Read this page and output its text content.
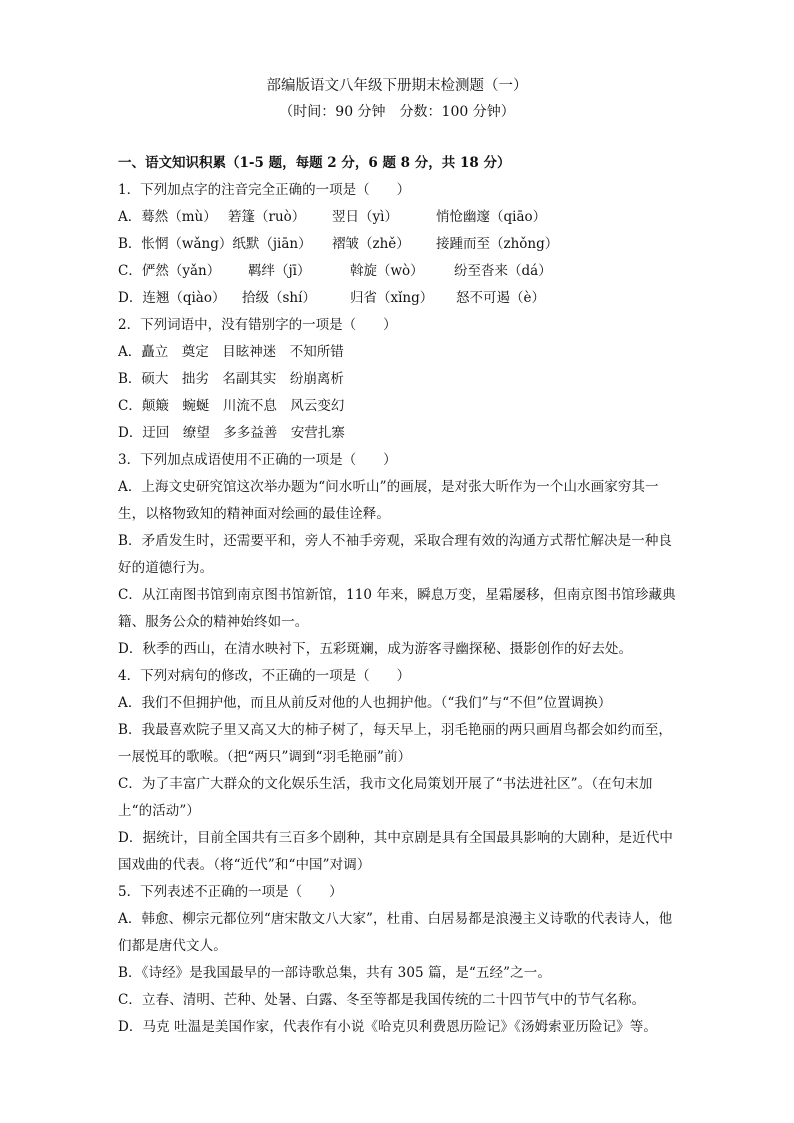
部编版语文八年级下册期末检测题（一）
（时间：90 分钟　分数：100 分钟）
一、语文知识积累（1-5 题，每题 2 分，6 题 8 分，共 18 分）
1．下列加点字的注音完全正确的一项是（　　）
A．蓦然（mù） 箬篷（ruò） 翌日（yì）	悄怆幽邃（qiāo）
B．怅惘（wǎng）纸默（jiān） 褶皱（zhě） 接踵而至（zhǒng）
C．俨然（yǎn） 羁绊（jī）	斡旋（wò） 纷至沓来（dá）
D．连翘（qiào） 拾级（shí）	归省（xǐng） 怒不可遏（è）
2．下列词语中，没有错别字的一项是（　　）
A．矗立　奠定　目眩神迷　不知所错
B．硕大　拙劣　名副其实　纷崩离析
C．颠簸　蜿蜒　川流不息　风云变幻
D．迂回　缭望　多多益善　安营扎寨
3．下列加点成语使用不正确的一项是（　　）
A．上海文史研究馆这次举办题为“问水听山”的画展，是对张大昕作为一个山水画家穷其一生，以格物致知的精神面对绘画的最佳诠释。
B．矛盾发生时，还需要平和，旁人不袖手旁观，采取合理有效的沟通方式帮忙解决是一种良好的道德行为。
C．从江南图书馆到南京图书馆新馆，110 年来，瞬息万变，星霜屡移，但南京图书馆珍藏典籍、服务公众的精神始终如一。
D．秋季的西山，在清水映衬下，五彩斑斓，成为游客寻幽探秘、摄影创作的好去处。
4．下列对病句的修改，不正确的一项是（　　）
A．我们不但拥护他，而且从前反对他的人也拥护他。（“我们”与“不但”位置调换）
B．我最喜欢院子里又高又大的柿子树了，每天早上，羽毛艳丽的两只画眉鸟都会如约而至，一展悦耳的歌喉。（把“两只”调到“羽毛艳丽”前）
C．为了丰富广大群众的文化娱乐生活，我市文化局策划开展了“书法进社区”。（在句末加上“的活动”）
D．据统计，目前全国共有三百多个剧种，其中京剧是具有全国最具影响的大剧种，是近代中国戏曲的代表。（将“近代”和“中国”对调）
5．下列表述不正确的一项是（　　）
A．韩愈、柳宗元都位列“唐宋散文八大家”，杜甫、白居易都是浪漫主义诗歌的代表诗人，他们都是唐代文人。
B．《诗经》是我国最早的一部诗歌总集，共有 305 篇，是“五经”之一。
C．立春、清明、芒种、处暑、白露、冬至等都是我国传统的二十四节气中的节气名称。
D．马克 吐温是美国作家，代表作有小说《哈克贝利费恩历险记》《汤姆索亚历险记》等。
